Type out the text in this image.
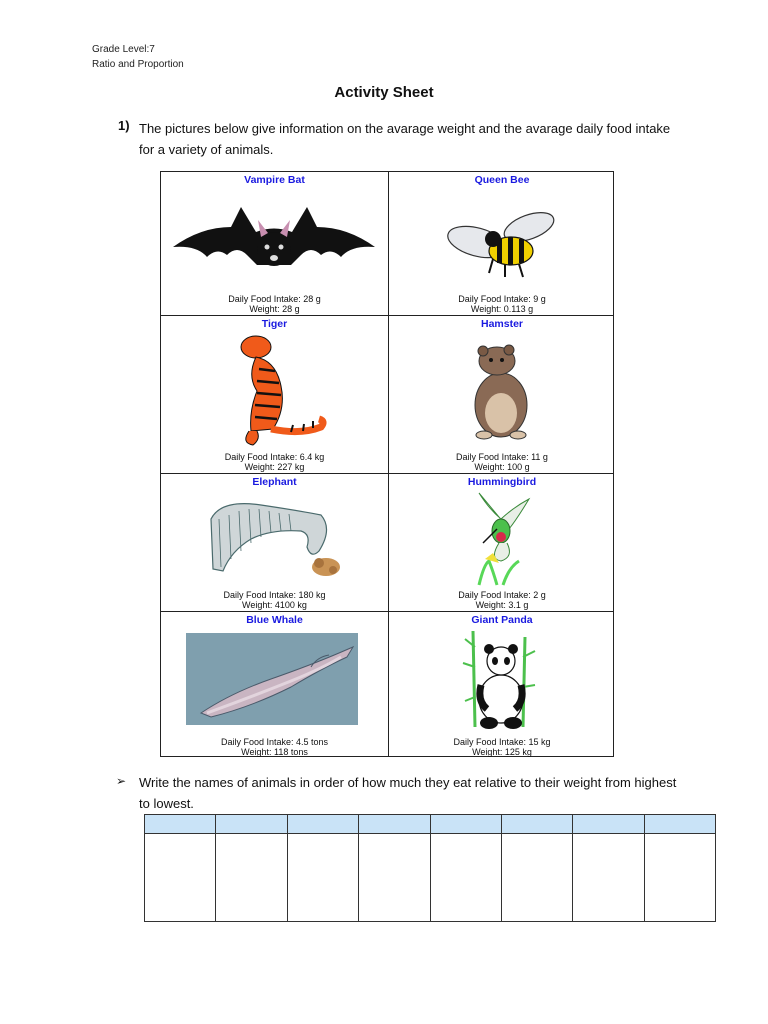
Grade Level:7
Ratio and Proportion
Activity Sheet
1) The pictures below give information on the avarage weight and the avarage daily food intake for a variety of animals.
Vampire Bat
Daily Food Intake: 28 g
Weight: 28 g
Queen Bee
Daily Food Intake: 9 g
Weight: 0.113 g
Tiger
Daily Food Intake: 6.4 kg
Weight: 227 kg
Hamster
Daily Food Intake: 11 g
Weight: 100 g
Elephant
Daily Food Intake: 180 kg
Weight: 4100 kg
Hummingbird
Daily Food Intake: 2 g
Weight: 3.1 g
Blue Whale
Daily Food Intake: 4.5 tons
Weight: 118 tons
Giant Panda
Daily Food Intake: 15 kg
Weight: 125 kg
➢ Write the names of animals in order of how much they eat relative to their weight from highest to lowest.
